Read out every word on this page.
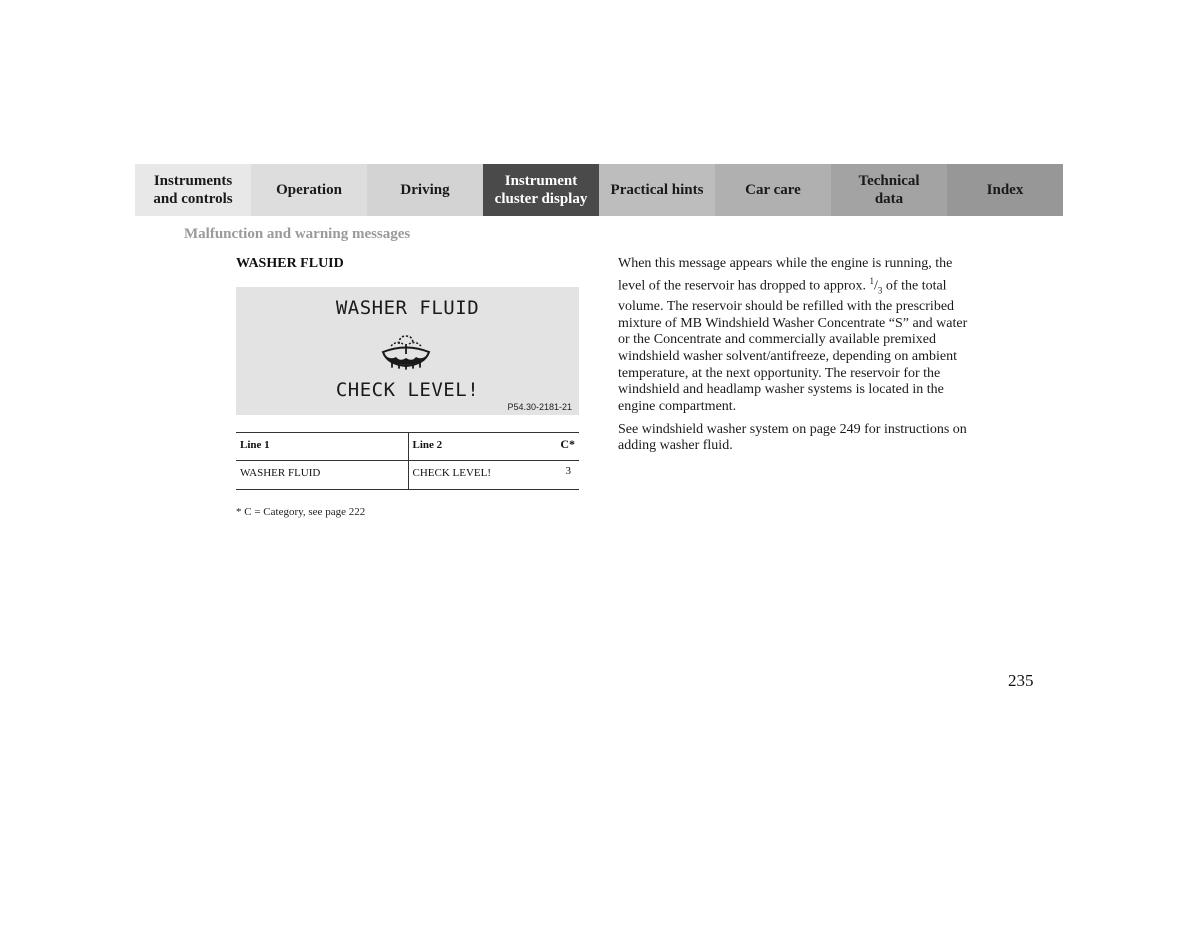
Instruments
and controls
Operation	Driving
Instrument
cluster display
Practical hints	Car care
Technical
data
Index
Malfunction and warning messages
WASHER FLUID
WASHER FLUID
CHECK LEVEL!
P54.30-2181-21
Line 1	Line 2	C*
WASHER FLUID	CHECK LEVEL!	3
* C = Category, see page 222

When this message appears while the engine is running, the level of the reservoir has dropped to approx. $^1/_3$ of the total volume. The reservoir should be refilled with the prescribed mixture of MB Windshield Washer Concentrate “S” and water or the Concentrate and commercially available premixed windshield washer solvent/antifreeze, depending on ambient temperature, at the next opportunity. The reservoir for the windshield and headlamp washer systems is located in the engine compartment.

See windshield washer system on page 249 for instructions on adding washer fluid.

235
